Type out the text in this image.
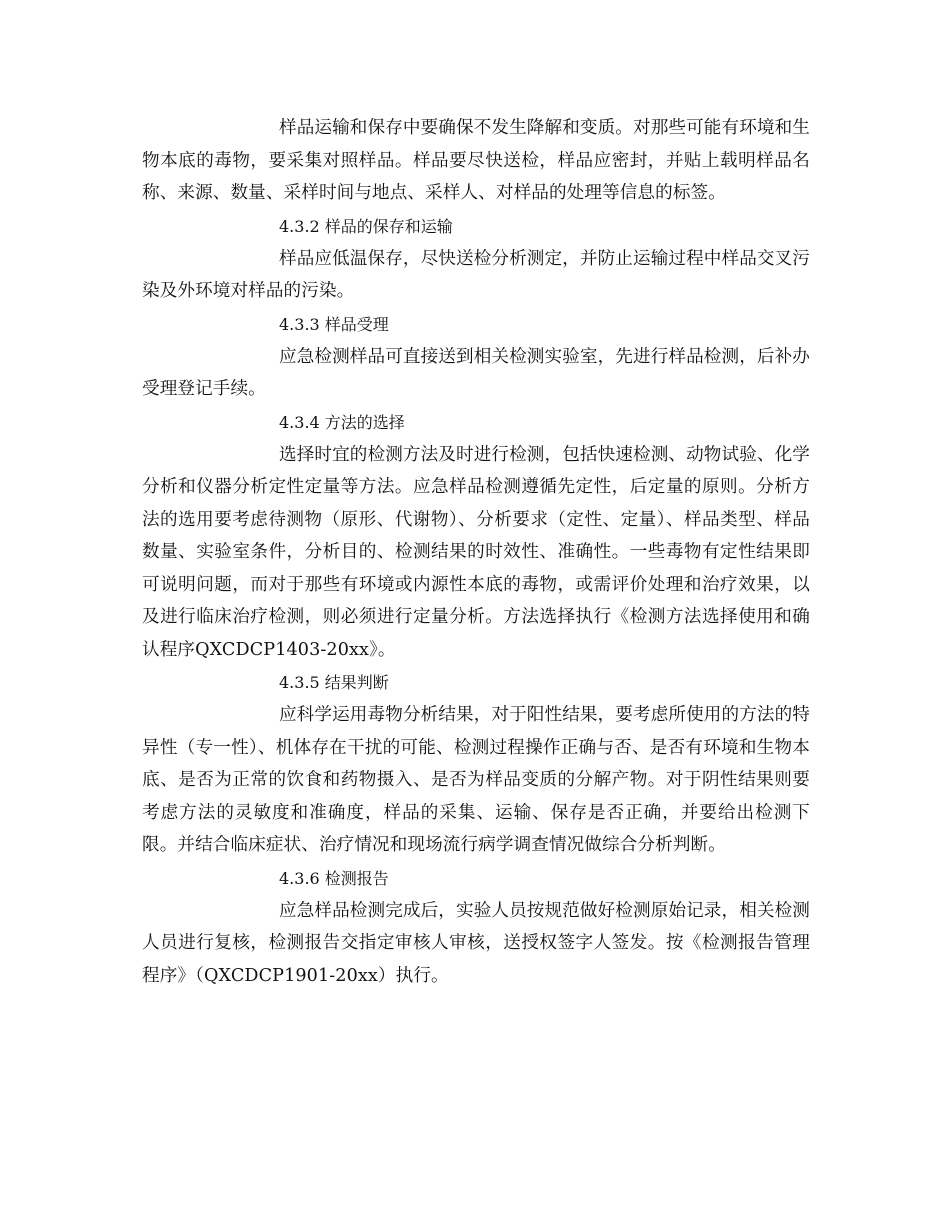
样品运输和保存中要确保不发生降解和变质。对那些可能有环境和生物本底的毒物，要采集对照样品。样品要尽快送检，样品应密封，并贴上载明样品名称、来源、数量、采样时间与地点、采样人、对样品的处理等信息的标签。

4.3.2 样品的保存和运输

样品应低温保存，尽快送检分析测定，并防止运输过程中样品交叉污染及外环境对样品的污染。

4.3.3 样品受理

应急检测样品可直接送到相关检测实验室，先进行样品检测，后补办受理登记手续。

4.3.4 方法的选择

选择时宜的检测方法及时进行检测，包括快速检测、动物试验、化学分析和仪器分析定性定量等方法。应急样品检测遵循先定性，后定量的原则。分析方法的选用要考虑待测物（原形、代谢物）、分析要求（定性、定量）、样品类型、样品数量、实验室条件，分析目的、检测结果的时效性、准确性。一些毒物有定性结果即可说明问题，而对于那些有环境或内源性本底的毒物，或需评价处理和治疗效果，以及进行临床治疗检测，则必须进行定量分析。方法选择执行《检测方法选择使用和确认程序QXCDCP1403-20xx》。

4.3.5 结果判断

应科学运用毒物分析结果，对于阳性结果，要考虑所使用的方法的特异性（专一性）、机体存在干扰的可能、检测过程操作正确与否、是否有环境和生物本底、是否为正常的饮食和药物摄入、是否为样品变质的分解产物。对于阴性结果则要考虑方法的灵敏度和准确度，样品的采集、运输、保存是否正确，并要给出检测下限。并结合临床症状、治疗情况和现场流行病学调查情况做综合分析判断。

4.3.6 检测报告

应急样品检测完成后，实验人员按规范做好检测原始记录，相关检测人员进行复核，检测报告交指定审核人审核，送授权签字人签发。按《检测报告管理程序》（QXCDCP1901-20xx）执行。
